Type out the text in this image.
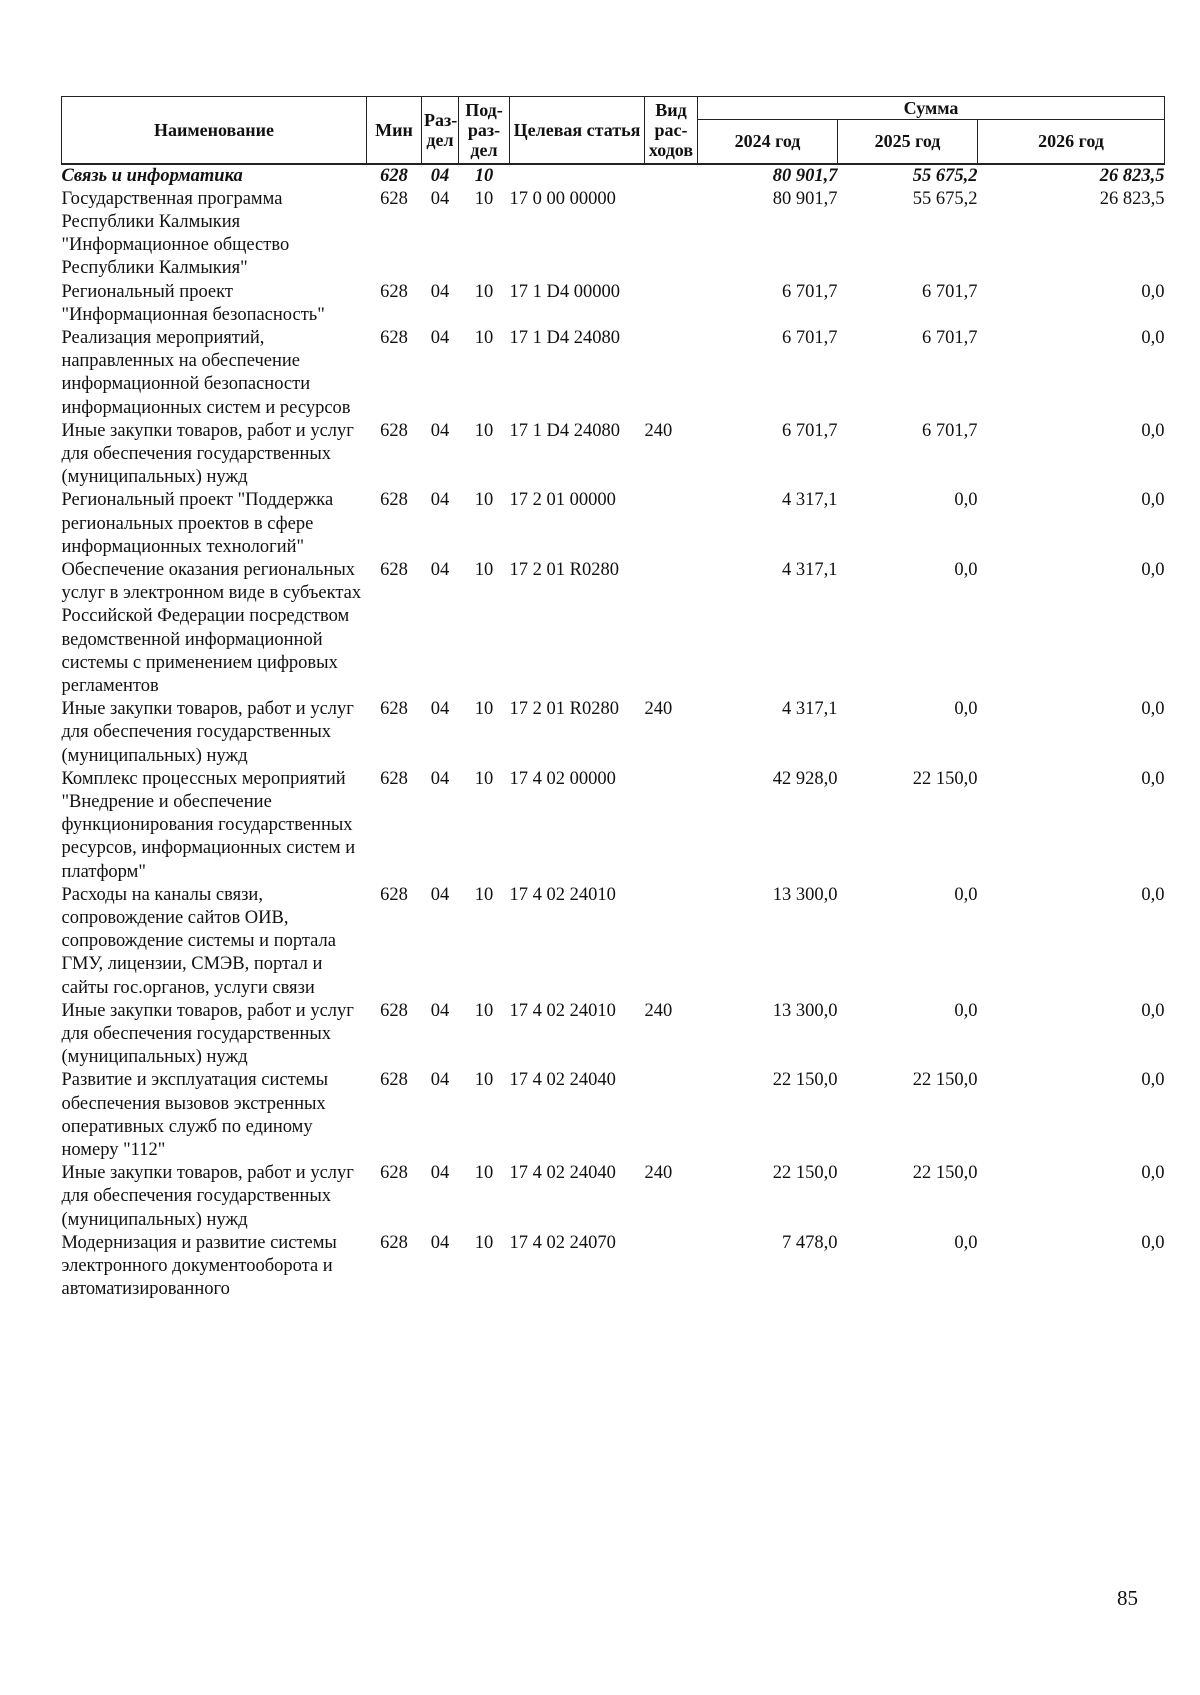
Наименование	Мин	Раз-дел	Под-раз-дел	Целевая статья	Вид рас-ходов	Сумма		
						2024 год	2025 год	2026 год
Связь и информатика	628	04	10			80 901,7	55 675,2	26 823,5
Государственная программа Республики Калмыкия "Информационное общество Республики Калмыкия"	628	04	10	17 0 00 00000		80 901,7	55 675,2	26 823,5
Региональный проект "Информационная безопасность"	628	04	10	17 1 D4 00000		6 701,7	6 701,7	0,0
Реализация мероприятий, направленных на обеспечение информационной безопасности информационных систем и ресурсов	628	04	10	17 1 D4 24080		6 701,7	6 701,7	0,0
Иные закупки товаров, работ и услуг для обеспечения государственных (муниципальных) нужд	628	04	10	17 1 D4 24080	240	6 701,7	6 701,7	0,0
Региональный проект "Поддержка региональных проектов в сфере информационных технологий"	628	04	10	17 2 01 00000		4 317,1	0,0	0,0
Обеспечение оказания региональных услуг в электронном виде в субъектах Российской Федерации посредством ведомственной информационной системы с применением цифровых регламентов	628	04	10	17 2 01 R0280		4 317,1	0,0	0,0
Иные закупки товаров, работ и услуг для обеспечения государственных (муниципальных) нужд	628	04	10	17 2 01 R0280	240	4 317,1	0,0	0,0
Комплекс процессных мероприятий "Внедрение и обеспечение функционирования государственных ресурсов, информационных систем и платформ"	628	04	10	17 4 02 00000		42 928,0	22 150,0	0,0
Расходы на каналы связи, сопровождение сайтов ОИВ, сопровождение системы и портала ГМУ, лицензии, СМЭВ, портал и сайты гос.органов, услуги связи	628	04	10	17 4 02 24010		13 300,0	0,0	0,0
Иные закупки товаров, работ и услуг для обеспечения государственных (муниципальных) нужд	628	04	10	17 4 02 24010	240	13 300,0	0,0	0,0
Развитие и эксплуатация системы обеспечения вызовов экстренных оперативных служб по единому номеру "112"	628	04	10	17 4 02 24040		22 150,0	22 150,0	0,0
Иные закупки товаров, работ и услуг для обеспечения государственных (муниципальных) нужд	628	04	10	17 4 02 24040	240	22 150,0	22 150,0	0,0
Модернизация и развитие системы электронного документооборота и автоматизированного	628	04	10	17 4 02 24070		7 478,0	0,0	0,0
85
